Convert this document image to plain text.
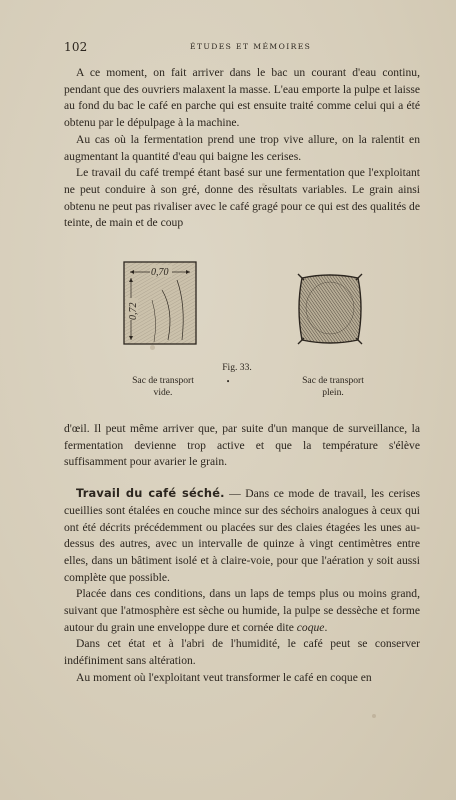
102	ÉTUDES ET MÉMOIRES

A ce moment, on fait arriver dans le bac un courant d'eau continu, pendant que des ouvriers malaxent la masse. L'eau emporte la pulpe et laisse au fond du bac le café en parche qui est ensuite traité comme celui qui a été obtenu par le dépulpage à la machine.

Au cas où la fermentation prend une trop vive allure, on la ralentit en augmentant la quantité d'eau qui baigne les cerises.

Le travail du café trempé étant basé sur une fermentation que l'exploitant ne peut conduire à son gré, donne des résultats variables. Le grain ainsi obtenu ne peut pas rivaliser avec le café gragé pour ce qui est des qualités de teinte, de main et de coup

0,70
0,72
Fig. 33.
Sac de transport
vide.
•	Sac de transport
plein.

d'œil. Il peut même arriver que, par suite d'un manque de surveillance, la fermentation devienne trop active et que la température s'élève suffisamment pour avarier le grain.

Travail du café séché. — Dans ce mode de travail, les cerises cueillies sont étalées en couche mince sur des séchoirs analogues à ceux qui ont été décrits précédemment ou placées sur des claies étagées les unes au-dessus des autres, avec un intervalle de quinze à vingt centimètres entre elles, dans un bâtiment isolé et à claire-voie, pour que l'aération y soit aussi complète que possible.

Placée dans ces conditions, dans un laps de temps plus ou moins grand, suivant que l'atmosphère est sèche ou humide, la pulpe se dessèche et forme autour du grain une enveloppe dure et cornée dite coque.

Dans cet état et à l'abri de l'humidité, le café peut se conserver indéfiniment sans altération.

Au moment où l'exploitant veut transformer le café en coque en
